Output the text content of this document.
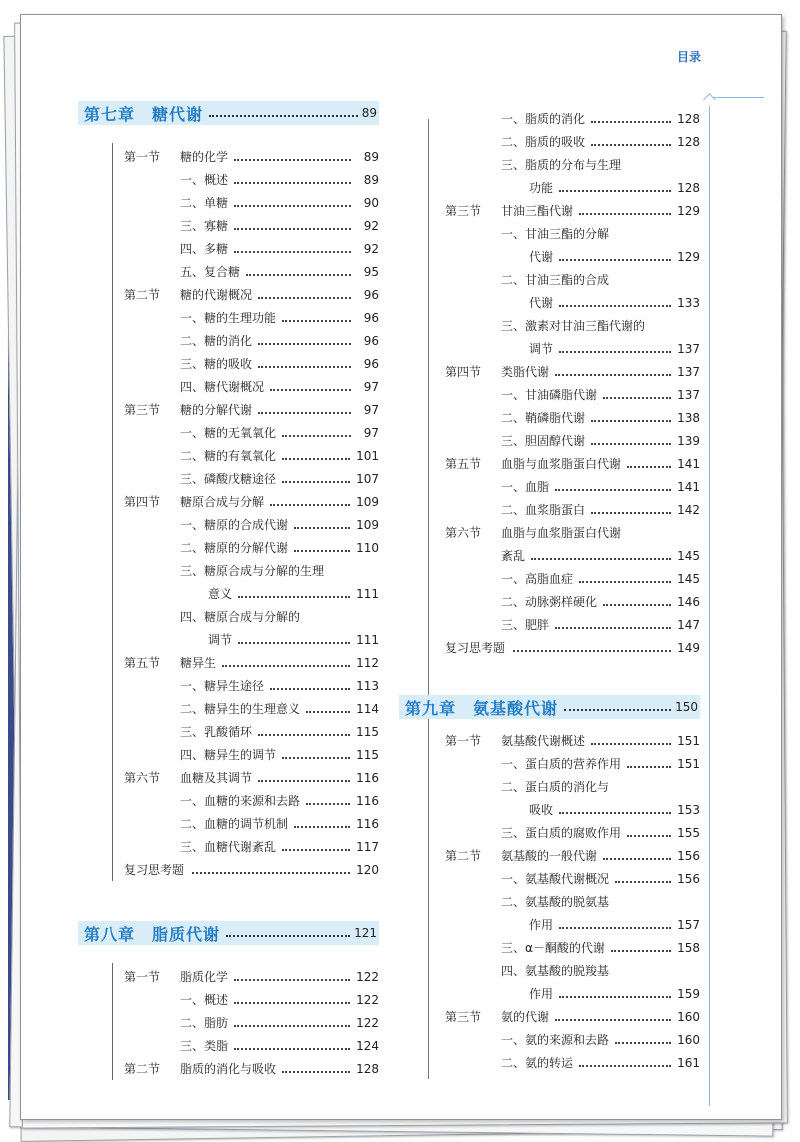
目录
第七章　糖代谢	89
第一节 糖的化学	89
一、概述	89
二、单糖	90
三、寡糖	92
四、多糖	92
五、复合糖	95
第二节 糖的代谢概况	96
一、糖的生理功能	96
二、糖的消化	96
三、糖的吸收	96
四、糖代谢概况	97
第三节 糖的分解代谢	97
一、糖的无氧氧化	97
二、糖的有氧氧化	101
三、磷酸戊糖途径	107
第四节 糖原合成与分解	109
一、糖原的合成代谢	109
二、糖原的分解代谢	110
三、糖原合成与分解的生理
意义	111
四、糖原合成与分解的
调节	111
第五节 糖异生	112
一、糖异生途径	113
二、糖异生的生理意义	114
三、乳酸循环	115
四、糖异生的调节	115
第六节 血糖及其调节	116
一、血糖的来源和去路	116
二、血糖的调节机制	116
三、血糖代谢紊乱	117
复习思考题	120
第八章　脂质代谢	121
第一节 脂质化学	122
一、概述	122
二、脂肪	122
三、类脂	124
第二节 脂质的消化与吸收	128
一、脂质的消化	128
二、脂质的吸收	128
三、脂质的分布与生理
功能	128
第三节 甘油三酯代谢	129
一、甘油三酯的分解
代谢	129
二、甘油三酯的合成
代谢	133
三、激素对甘油三酯代谢的
调节	137
第四节 类脂代谢	137
一、甘油磷脂代谢	137
二、鞘磷脂代谢	138
三、胆固醇代谢	139
第五节 血脂与血浆脂蛋白代谢	141
一、血脂	141
二、血浆脂蛋白	142
第六节 血脂与血浆脂蛋白代谢
紊乱	145
一、高脂血症	145
二、动脉粥样硬化	146
三、肥胖	147
复习思考题	149
第九章　氨基酸代谢	150
第一节 氨基酸代谢概述	151
一、蛋白质的营养作用	151
二、蛋白质的消化与
吸收	153
三、蛋白质的腐败作用	155
第二节 氨基酸的一般代谢	156
一、氨基酸代谢概况	156
二、氨基酸的脱氨基
作用	157
三、α－酮酸的代谢	158
四、氨基酸的脱羧基
作用	159
第三节 氨的代谢	160
一、氨的来源和去路	160
二、氨的转运	161
